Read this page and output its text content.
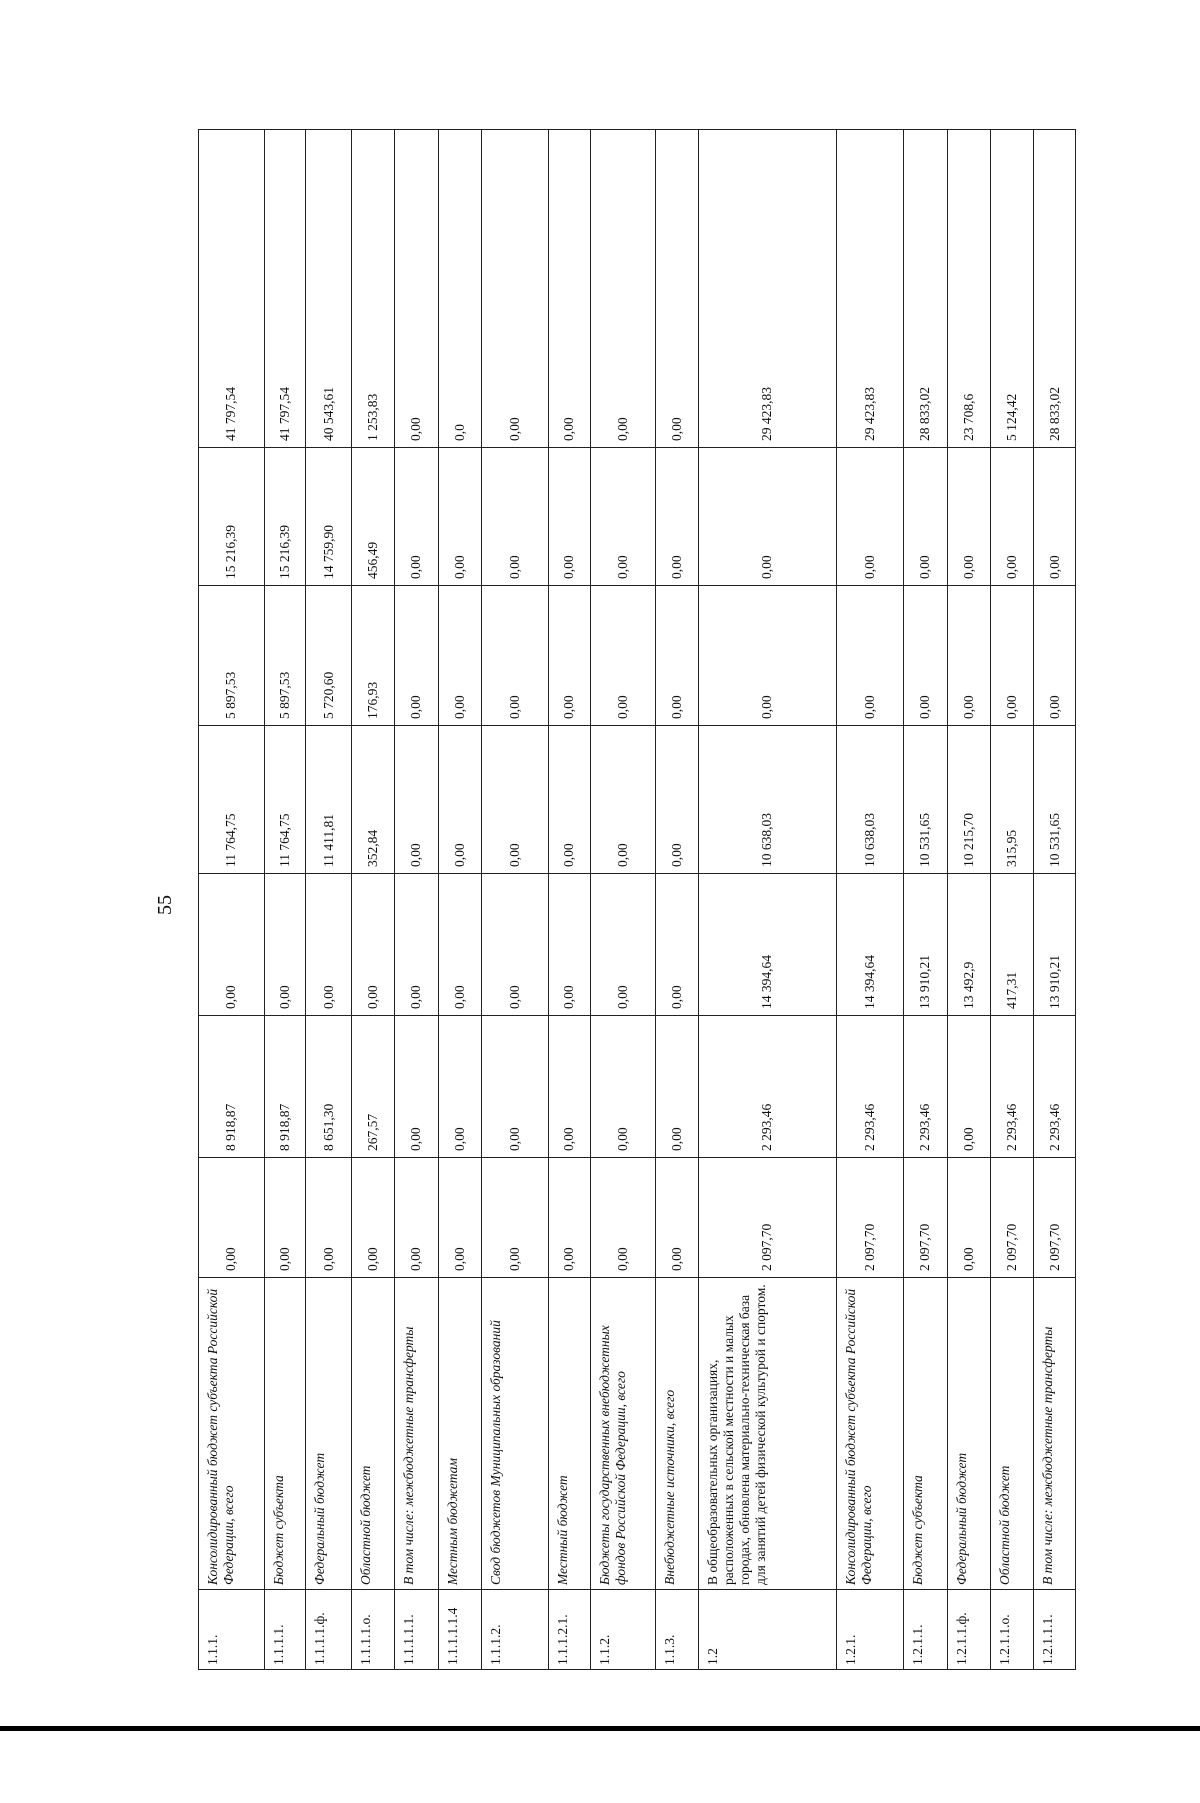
55
1.1.1.	Консолидированный бюджет субъекта Российской Федерации, всего	0,00	8 918,87	0,00	11 764,75	5 897,53	15 216,39	41 797,54
1.1.1.1.	Бюджет субъекта	0,00	8 918,87	0,00	11 764,75	5 897,53	15 216,39	41 797,54
1.1.1.1.ф.	Федеральный бюджет	0,00	8 651,30	0,00	11 411,81	5 720,60	14 759,90	40 543,61
1.1.1.1.о.	Областной бюджет	0,00	267,57	0,00	352,84	176,93	456,49	1 253,83
1.1.1.1.1.	В том числе: межбюджетные трансферты	0,00	0,00	0,00	0,00	0,00	0,00	0,00
1.1.1.1.1.4	Местным бюджетам	0,00	0,00	0,00	0,00	0,00	0,00	0,0
1.1.1.2.	Свод бюджетов Муниципальных образований	0,00	0,00	0,00	0,00	0,00	0,00	0,00
1.1.1.2.1.	Местный бюджет	0,00	0,00	0,00	0,00	0,00	0,00	0,00
1.1.2.	Бюджеты государственных внебюджетных фондов Российской Федерации, всего	0,00	0,00	0,00	0,00	0,00	0,00	0,00
1.1.3.	Внебюджетные источники, всего	0,00	0,00	0,00	0,00	0,00	0,00	0,00
1.2	В общеобразовательных организациях, расположенных в сельской местности и малых городах, обновлена материально-техническая база для занятий детей физической культурой и спортом.	2 097,70	2 293,46	14 394,64	10 638,03	0,00	0,00	29 423,83
1.2.1.	Консолидированный бюджет субъекта Российской Федерации, всего	2 097,70	2 293,46	14 394,64	10 638,03	0,00	0,00	29 423,83
1.2.1.1.	Бюджет субъекта	2 097,70	2 293,46	13 910,21	10 531,65	0,00	0,00	28 833,02
1.2.1.1.ф.	Федеральный бюджет	0,00	0,00	13 492,9	10 215,70	0,00	0,00	23 708,6
1.2.1.1.о.	Областной бюджет	2 097,70	2 293,46	417,31	315,95	0,00	0,00	5 124,42
1.2.1.1.1.	В том числе: межбюджетные трансферты	2 097,70	2 293,46	13 910,21	10 531,65	0,00	0,00	28 833,02
